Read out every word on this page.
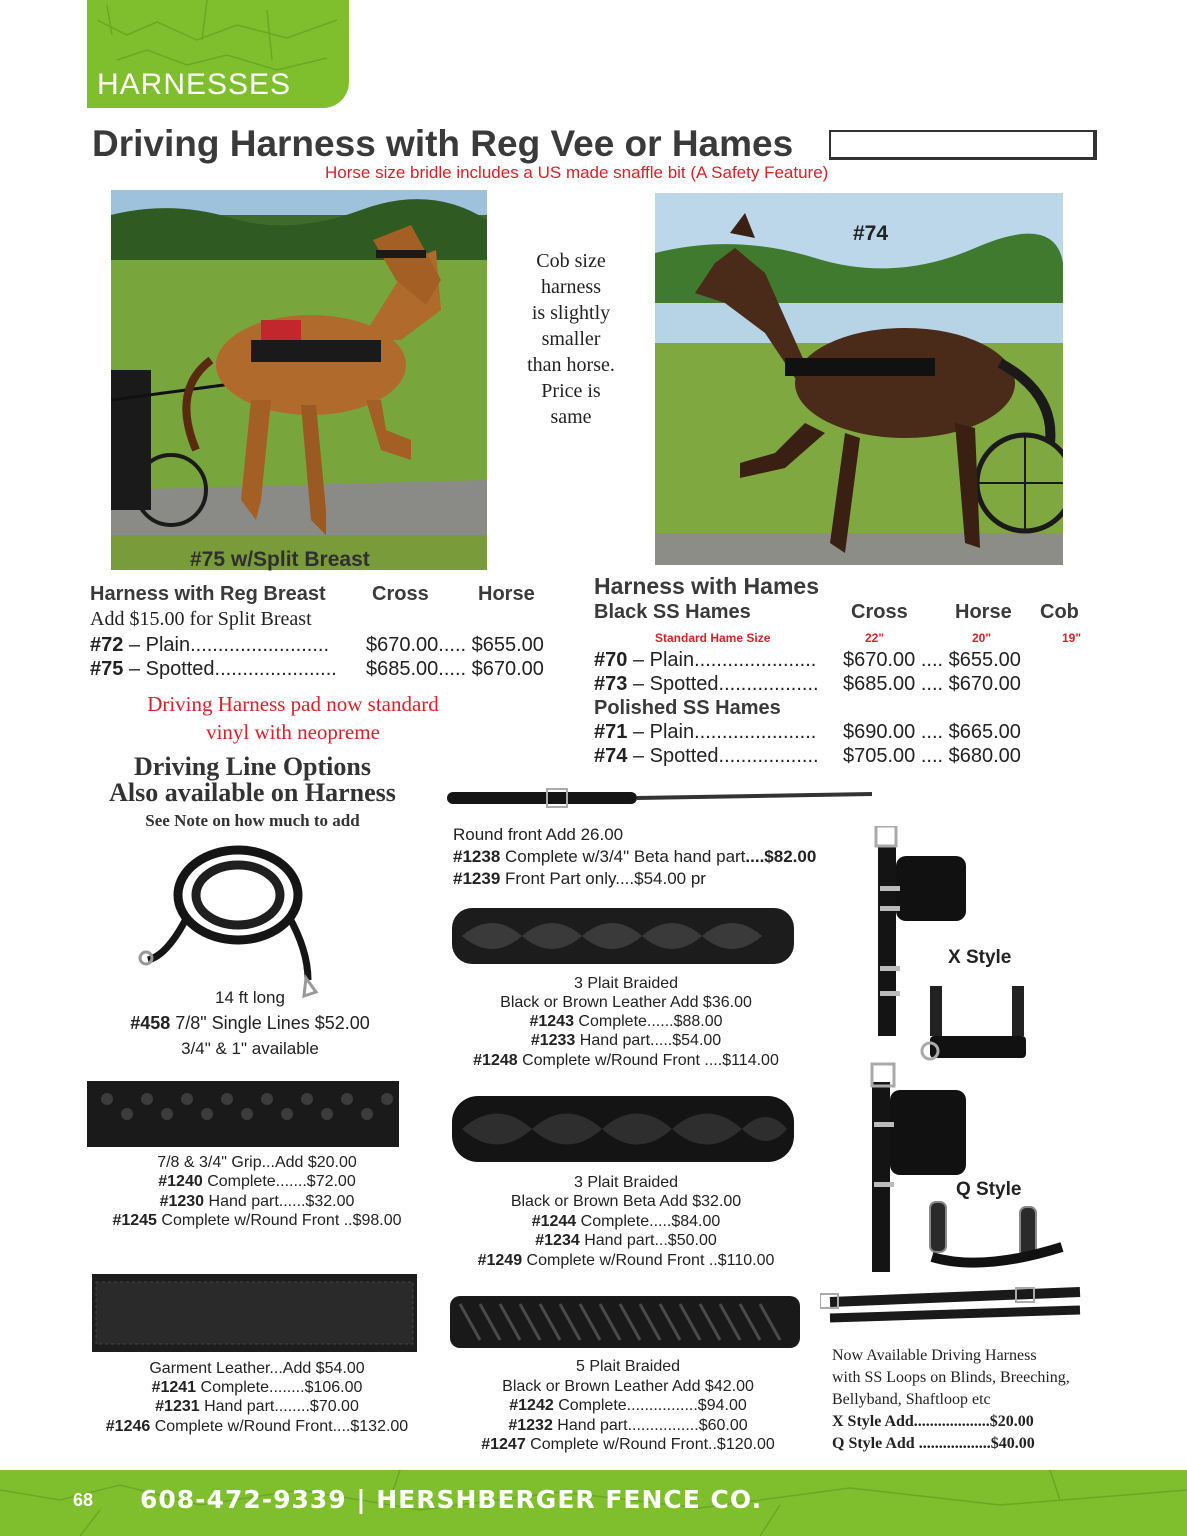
HARNESSES
Driving Harness with Reg Vee or Hames
Horse size bridle includes a US made snaffle bit (A Safety Feature)
#75 w/Split Breast
Cob size
harness
is slightly
smaller
than horse.
Price is
same
#74
Harness with Reg Breast Cross Horse
Add $15.00 for Split Breast
#72 – Plain......................... $670.00..... $655.00
#75 – Spotted...................... $685.00..... $670.00
Driving Harness pad now standard
vinyl with neopreme
Harness with Hames
Black SS Hames	Cross Horse Cob
Standard Hame Size	22"	20"	19"
#70 – Plain...................... $670.00 .... $655.00
#73 – Spotted.................. $685.00 .... $670.00
Polished SS Hames
#71 – Plain...................... $690.00 .... $665.00
#74 – Spotted.................. $705.00 .... $680.00
Driving Line Options
Also available on Harness
See Note on how much to add
14 ft long
#458 7/8" Single Lines $52.00
3/4" & 1" available
Round front Add 26.00
#1238 Complete w/3/4" Beta hand part....$82.00
#1239 Front Part only....$54.00 pr
3 Plait Braided
Black or Brown Leather Add $36.00
#1243 Complete......$88.00
#1233 Hand part.....$54.00
#1248 Complete w/Round Front ....$114.00
7/8 & 3/4" Grip...Add $20.00
#1240 Complete.......$72.00
#1230 Hand part......$32.00
#1245 Complete w/Round Front ..$98.00
3 Plait Braided
Black or Brown Beta Add $32.00
#1244 Complete.....$84.00
#1234 Hand part...$50.00
#1249 Complete w/Round Front ..$110.00
Garment Leather...Add $54.00
#1241 Complete........$106.00
#1231 Hand part........$70.00
#1246 Complete w/Round Front....$132.00
5 Plait Braided
Black or Brown Leather Add $42.00
#1242 Complete................$94.00
#1232 Hand part................$60.00
#1247 Complete w/Round Front..$120.00
X Style
Q Style
Now Available Driving Harness
with SS Loops on Blinds, Breeching,
Bellyband, Shaftloop etc
X Style Add...................$20.00
Q Style Add ..................$40.00
68 608-472-9339 | HERSHBERGER FENCE CO.
